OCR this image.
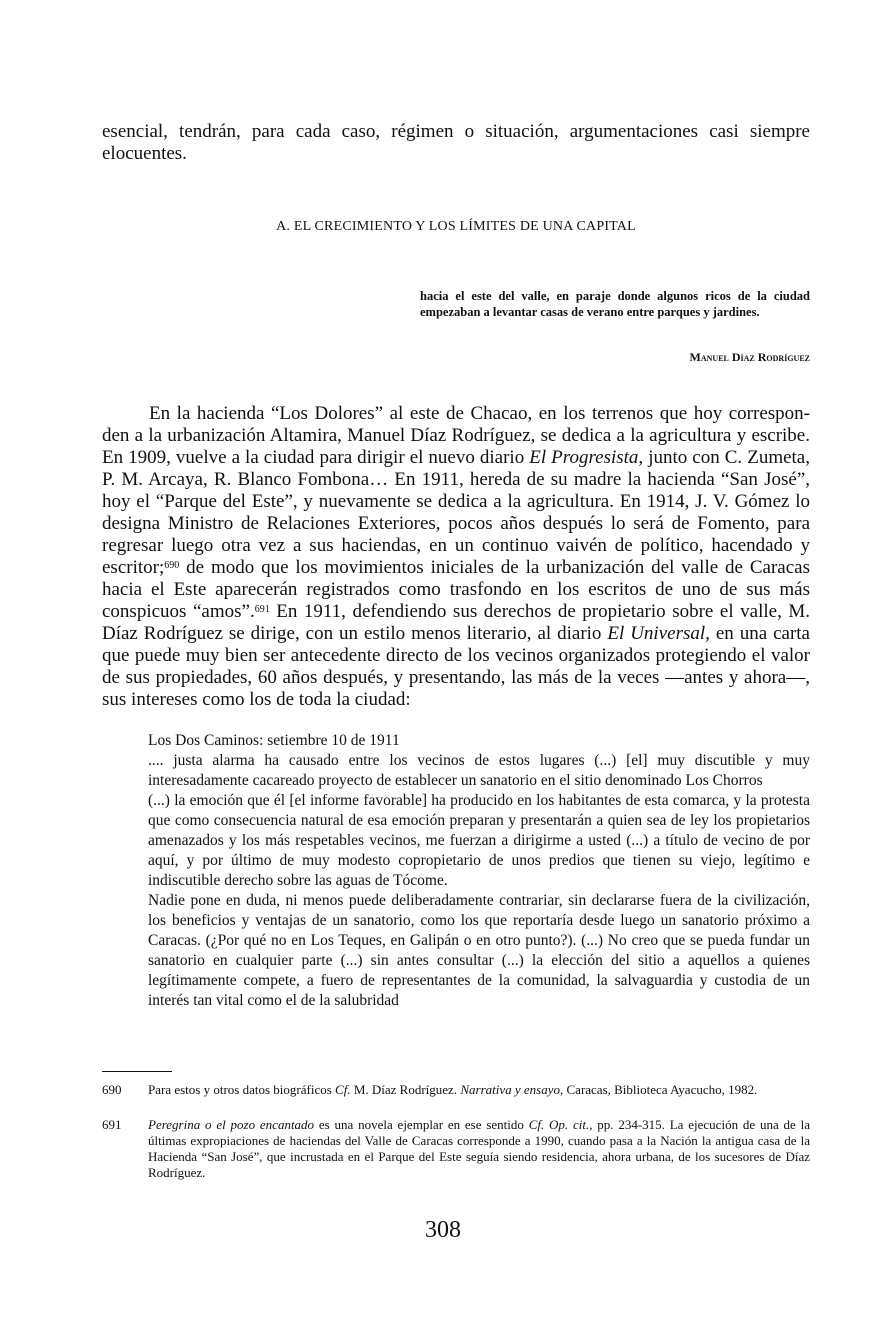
esencial, tendrán, para cada caso, régimen o situación, argumentaciones casi siempre elocuentes.
A. EL CRECIMIENTO Y LOS LÍMITES DE UNA CAPITAL
hacia el este del valle, en paraje donde algunos ricos de la ciudad empezaban a levantar casas de verano entre parques y jardines.
Manuel Díaz Rodríguez
En la hacienda “Los Dolores” al este de Chacao, en los terrenos que hoy correspon-den a la urbanización Altamira, Manuel Díaz Rodríguez, se dedica a la agricultura y escribe. En 1909, vuelve a la ciudad para dirigir el nuevo diario El Progresista, junto con C. Zumeta, P. M. Arcaya, R. Blanco Fombona… En 1911, hereda de su madre la hacienda “San José”, hoy el “Parque del Este”, y nuevamente se dedica a la agricultura. En 1914, J. V. Gómez lo designa Ministro de Relaciones Exteriores, pocos años después lo será de Fomento, para regresar luego otra vez a sus haciendas, en un continuo vaivén de político, hacendado y escritor;$^{690}$ de modo que los movimientos iniciales de la urbanización del valle de Caracas hacia el Este aparecerán registrados como trasfondo en los escritos de uno de sus más conspicuos “amos”.$^{691}$ En 1911, defendiendo sus derechos de propietario sobre el valle, M. Díaz Rodríguez se dirige, con un estilo menos literario, al diario El Universal, en una carta que puede muy bien ser antecedente directo de los vecinos organizados protegiendo el valor de sus propiedades, 60 años después, y presentando, las más de la veces —antes y ahora—, sus intereses como los de toda la ciudad:

Los Dos Caminos: setiembre 10 de 1911

.... justa alarma ha causado entre los vecinos de estos lugares (...) [el] muy discutible y muy interesadamente cacareado proyecto de establecer un sanatorio en el sitio denominado Los Chorros

(...) la emoción que él [el informe favorable] ha producido en los habitantes de esta comarca, y la protesta que como consecuencia natural de esa emoción preparan y presentarán a quien sea de ley los propietarios amenazados y los más respetables vecinos, me fuerzan a dirigirme a usted (...) a título de vecino de por aquí, y por último de muy modesto copropietario de unos predios que tienen su viejo, legítimo e indiscutible derecho sobre las aguas de Tócome.

Nadie pone en duda, ni menos puede deliberadamente contrariar, sin declararse fuera de la civilización, los beneficios y ventajas de un sanatorio, como los que reportaría desde luego un sanatorio próximo a Caracas. (¿Por qué no en Los Teques, en Galipán o en otro punto?). (...) No creo que se pueda fundar un sanatorio en cualquier parte (...) sin antes consultar (...) la elección del sitio a aquellos a quienes legítimamente compete, a fuero de representantes de la comunidad, la salvaguardia y custodia de un interés tan vital como el de la salubridad

690	Para estos y otros datos biográficos Cf. M. Díaz Rodríguez. Narrativa y ensayo, Caracas, Biblioteca Ayacucho, 1982.
691	Peregrina o el pozo encantado es una novela ejemplar en ese sentido Cf. Op. cit., pp. 234-315. La ejecución de una de la últimas expropiaciones de haciendas del Valle de Caracas corresponde a 1990, cuando pasa a la Nación la antigua casa de la Hacienda “San José”, que incrustada en el Parque del Este seguía siendo residencia, ahora urbana, de los sucesores de Díaz Rodríguez.
308
